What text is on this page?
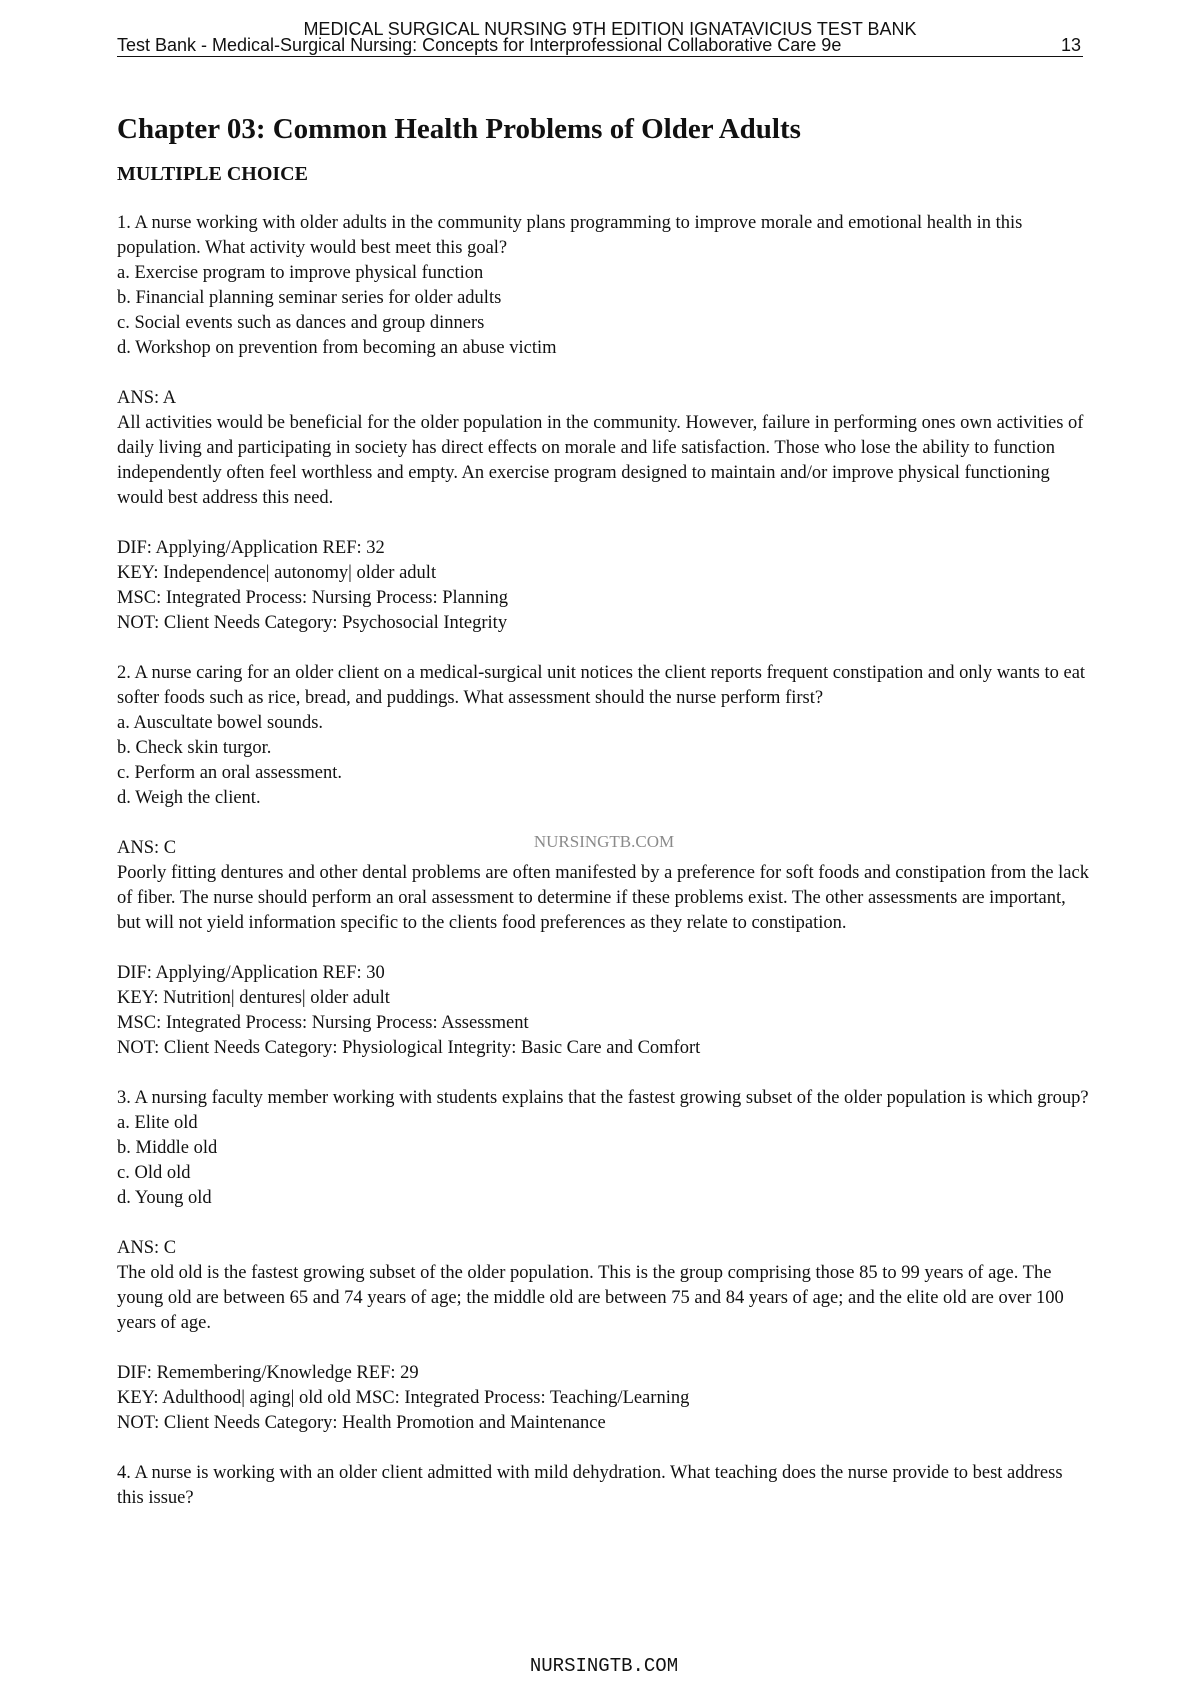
MEDICAL SURGICAL NURSING 9TH EDITION IGNATAVICIUS TEST BANK
Test Bank - Medical-Surgical Nursing: Concepts for Interprofessional Collaborative Care 9e	13
Chapter 03: Common Health Problems of Older Adults
MULTIPLE CHOICE

1. A nurse working with older adults in the community plans programming to improve morale and emotional health in this population. What activity would best meet this goal?

a. Exercise program to improve physical function

b. Financial planning seminar series for older adults

c. Social events such as dances and group dinners

d. Workshop on prevention from becoming an abuse victim

ANS: A

All activities would be beneficial for the older population in the community. However, failure in performing ones own activities of daily living and participating in society has direct effects on morale and life satisfaction. Those who lose the ability to function independently often feel worthless and empty. An exercise program designed to maintain and/or improve physical functioning would best address this need.

DIF: Applying/Application REF: 32

KEY: Independence| autonomy| older adult

MSC: Integrated Process: Nursing Process: Planning

NOT: Client Needs Category: Psychosocial Integrity

2. A nurse caring for an older client on a medical-surgical unit notices the client reports frequent constipation and only wants to eat softer foods such as rice, bread, and puddings. What assessment should the nurse perform first?

a. Auscultate bowel sounds.

b. Check skin turgor.

c. Perform an oral assessment.

d. Weigh the client.

ANS: C

Poorly fitting dentures and other dental problems are often manifested by a preference for soft foods and constipation from the lack of fiber. The nurse should perform an oral assessment to determine if these problems exist. The other assessments are important, but will not yield information specific to the clients food preferences as they relate to constipation.

DIF: Applying/Application REF: 30

KEY: Nutrition| dentures| older adult

MSC: Integrated Process: Nursing Process: Assessment

NOT: Client Needs Category: Physiological Integrity: Basic Care and Comfort

3. A nursing faculty member working with students explains that the fastest growing subset of the older population is which group?

a. Elite old

b. Middle old

c. Old old

d. Young old

ANS: C

The old old is the fastest growing subset of the older population. This is the group comprising those 85 to 99 years of age. The young old are between 65 and 74 years of age; the middle old are between 75 and 84 years of age; and the elite old are over 100 years of age.

DIF: Remembering/Knowledge REF: 29

KEY: Adulthood| aging| old old MSC: Integrated Process: Teaching/Learning

NOT: Client Needs Category: Health Promotion and Maintenance

4. A nurse is working with an older client admitted with mild dehydration. What teaching does the nurse provide to best address this issue?

NURSINGTB.COM
NURSINGTB.COM
